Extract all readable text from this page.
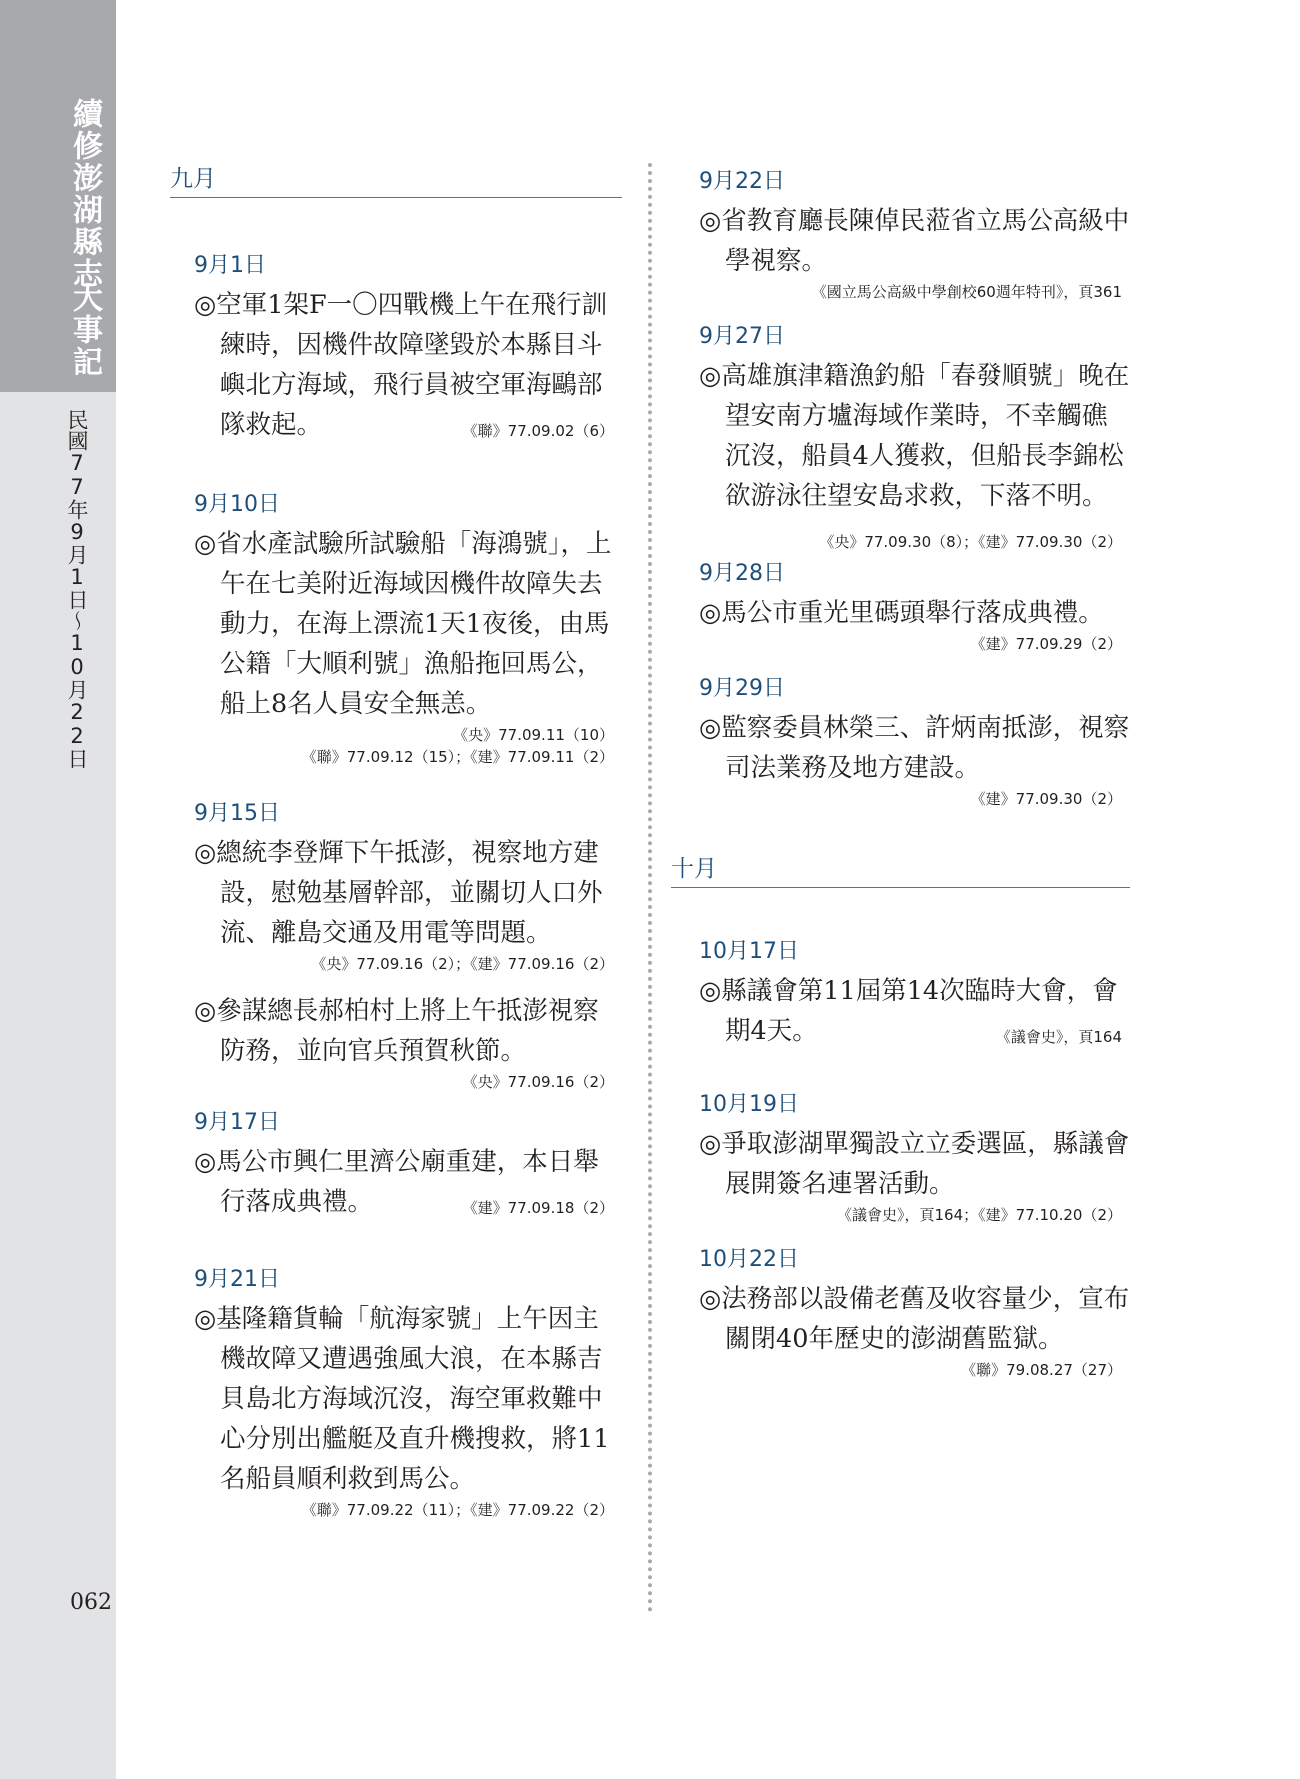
續修澎湖縣志
大事記
民國77年9月1日〜10月22日
062
九月
9月1日
◎空軍1架F一〇四戰機上午在飛行訓練時，因機件故障墜毀於本縣目斗嶼北方海域，飛行員被空軍海鷗部隊救起。	《聯》77.09.02（6）
9月10日
◎省水產試驗所試驗船「海鴻號」，上午在七美附近海域因機件故障失去動力，在海上漂流1天1夜後，由馬公籍「大順利號」漁船拖回馬公，船上8名人員安全無恙。
《央》77.09.11（10）
《聯》77.09.12（15）；《建》77.09.11（2）
9月15日
◎總統李登輝下午抵澎，視察地方建設，慰勉基層幹部，並關切人口外流、離島交通及用電等問題。
《央》77.09.16（2）；《建》77.09.16（2）
◎參謀總長郝柏村上將上午抵澎視察防務，並向官兵預賀秋節。
《央》77.09.16（2）
9月17日
◎馬公市興仁里濟公廟重建，本日舉行落成典禮。	《建》77.09.18（2）
9月21日
◎基隆籍貨輪「航海家號」上午因主機故障又遭遇強風大浪，在本縣吉貝島北方海域沉沒，海空軍救難中心分別出艦艇及直升機搜救，將11名船員順利救到馬公。
《聯》77.09.22（11）；《建》77.09.22（2）
9月22日
◎省教育廳長陳倬民蒞省立馬公高級中學視察。
《國立馬公高級中學創校60週年特刊》，頁361
9月27日
◎高雄旗津籍漁釣船「春發順號」晚在望安南方壚海域作業時，不幸觸礁沉沒，船員4人獲救，但船長李錦松欲游泳往望安島求救，下落不明。
《央》77.09.30（8）；《建》77.09.30（2）
9月28日
◎馬公市重光里碼頭舉行落成典禮。
《建》77.09.29（2）
9月29日
◎監察委員林榮三、許炳南抵澎，視察司法業務及地方建設。
《建》77.09.30（2）
十月
10月17日
◎縣議會第11屆第14次臨時大會，會期4天。	《議會史》，頁164
10月19日
◎爭取澎湖單獨設立立委選區，縣議會展開簽名連署活動。
《議會史》，頁164；《建》77.10.20（2）
10月22日
◎法務部以設備老舊及收容量少，宣布關閉40年歷史的澎湖舊監獄。
《聯》79.08.27（27）
